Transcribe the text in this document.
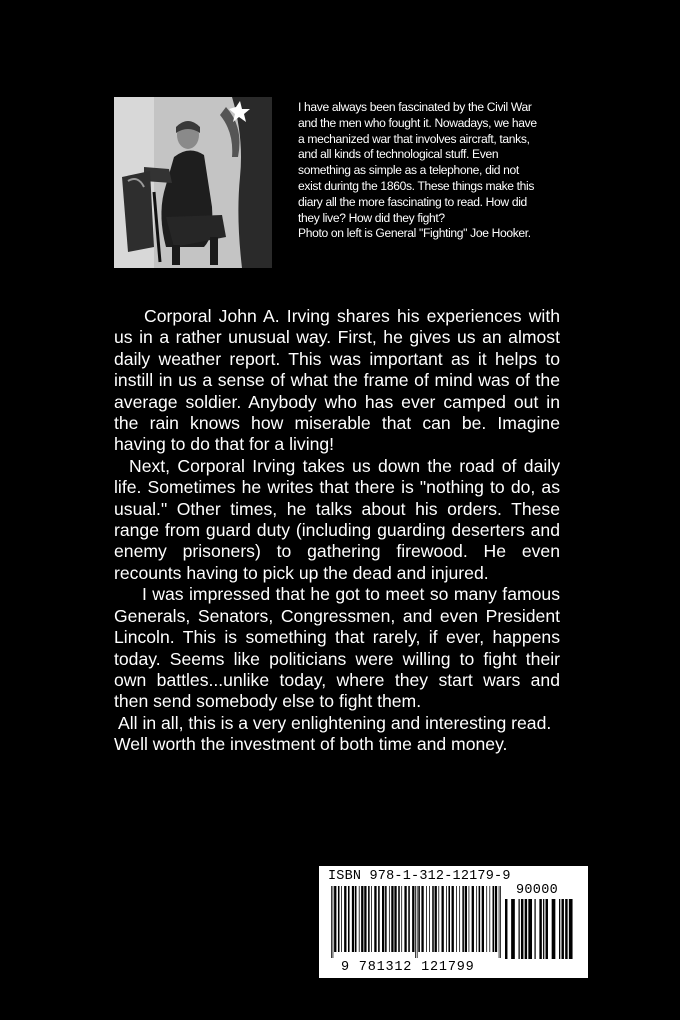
I have always been fascinated by the Civil War

and the men who fought it. Nowadays, we have

a mechanized war that involves aircraft, tanks,

and all kinds of technological stuff. Even

something as simple as a telephone, did not

exist durintg the 1860s. These things make this

diary all the more fascinating to read. How did

they live? How did they fight?

Photo on left is General "Fighting" Joe Hooker.

Corporal John A. Irving shares his experiences with us in a rather unusual way. First, he gives us an almost daily weather report. This was important as it helps to instill in us a sense of what the frame of mind was of the average soldier. Anybody who has ever camped out in the rain knows how miserable that can be. Imagine having to do that for a living!

Next, Corporal Irving takes us down the road of daily life. Sometimes he writes that there is "nothing to do, as usual." Other times, he talks about his orders. These range from guard duty (including guarding deserters and enemy prisoners) to gathering firewood. He even recounts having to pick up the dead and injured.

I was impressed that he got to meet so many famous Generals, Senators, Congressmen, and even President Lincoln. This is something that rarely, if ever, happens today. Seems like politicians were willing to fight their own battles...unlike today, where they start wars and then send somebody else to fight them.

All in all, this is a very enlightening and interesting read. Well worth the investment of both time and money.

ISBN 978-1-312-12179-9
90000
9 781312 121799
